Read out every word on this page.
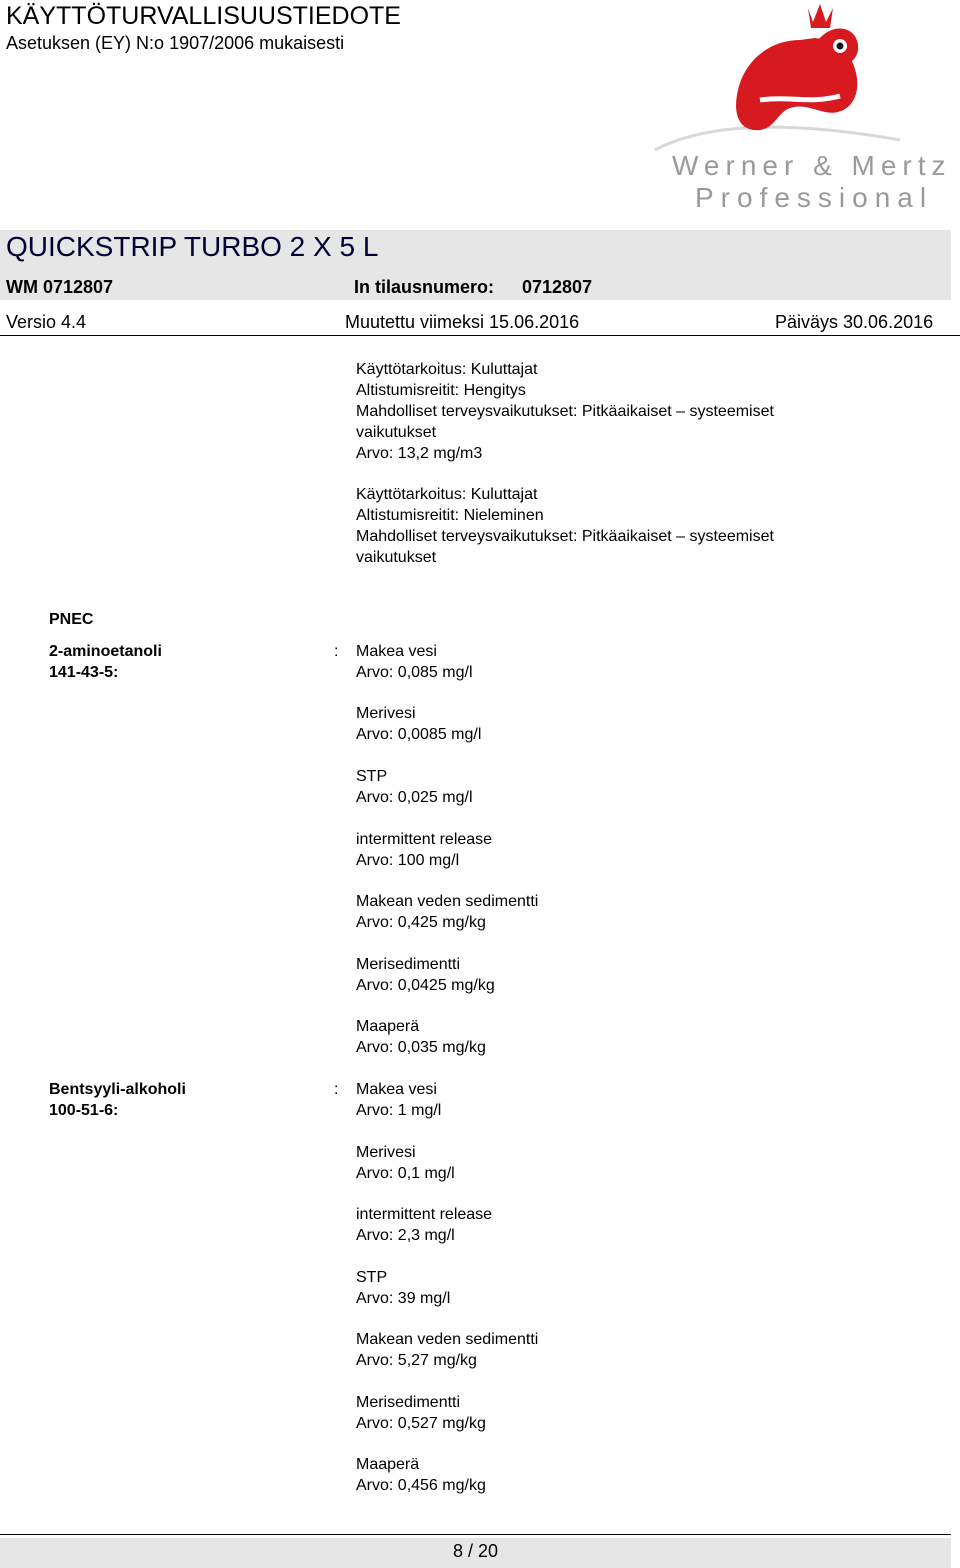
KÄYTTÖTURVALLISUUSTIEDOTE
Asetuksen (EY) N:o 1907/2006 mukaisesti
Werner & Mertz
Professional
QUICKSTRIP TURBO 2 X 5 L
WM 0712807	In tilausnumero: 0712807
Versio 4.4	Muutettu viimeksi 15.06.2016	Päiväys 30.06.2016
Käyttötarkoitus: Kuluttajat
Altistumisreitit: Hengitys
Mahdolliset terveysvaikutukset: Pitkäaikaiset – systeemiset
vaikutukset
Arvo: 13,2 mg/m3
Käyttötarkoitus: Kuluttajat
Altistumisreitit: Nieleminen
Mahdolliset terveysvaikutukset: Pitkäaikaiset – systeemiset
vaikutukset
PNEC
2-aminoetanoli
141-43-5:
: Makea vesi
Arvo: 0,085 mg/l
Merivesi
Arvo: 0,0085 mg/l
STP
Arvo: 0,025 mg/l
intermittent release
Arvo: 100 mg/l
Makean veden sedimentti
Arvo: 0,425 mg/kg
Merisedimentti
Arvo: 0,0425 mg/kg
Maaperä
Arvo: 0,035 mg/kg
Bentsyyli-alkoholi
100-51-6:
: Makea vesi
Arvo: 1 mg/l
Merivesi
Arvo: 0,1 mg/l
intermittent release
Arvo: 2,3 mg/l
STP
Arvo: 39 mg/l
Makean veden sedimentti
Arvo: 5,27 mg/kg
Merisedimentti
Arvo: 0,527 mg/kg
Maaperä
Arvo: 0,456 mg/kg
8 / 20
